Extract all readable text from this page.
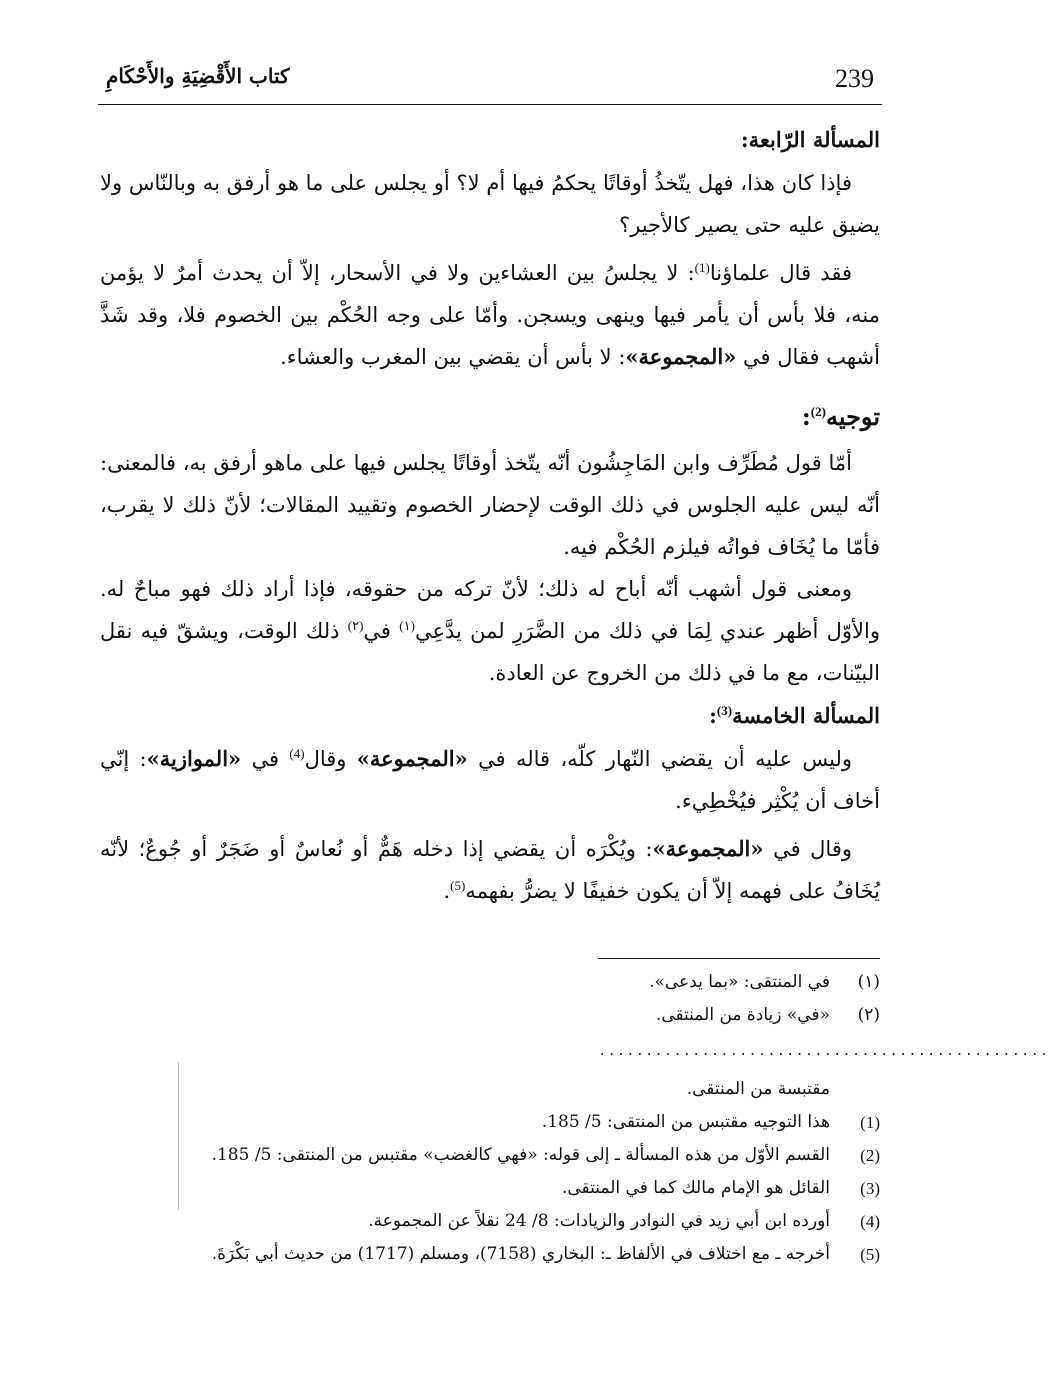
239
كتاب الأَقْضِيَةِ والأَحْكَامِ

المسألة الرّابعة:

فإذا كان هذا، فهل يتّخذُ أوقاتًا يحكمُ فيها أم لا؟ أو يجلس على ما هو أرفق به وبالنّاس ولا يضيق عليه حتى يصير كالأجير؟

فقد قال علماؤنا$^{(1)}$: لا يجلسُ بين العشاءين ولا في الأسحار، إلاّ أن يحدث أمرٌ لا يؤمن منه، فلا بأس أن يأمر فيها وينهى ويسجن. وأمّا على وجه الحُكْم بين الخصوم فلا، وقد شَذَّ أشهب فقال في «المجموعة»: لا بأس أن يقضي بين المغرب والعشاء.

توجيه$^{(2)}$:

أمّا قول مُطَرِّف وابن المَاجِشُون أنّه يتّخذ أوقاتًا يجلس فيها على ماهو أرفق به، فالمعنى: أنّه ليس عليه الجلوس في ذلك الوقت لإحضار الخصوم وتقييد المقالات؛ لأنّ ذلك لا يقرب، فأمّا ما يُخَاف فواتُه فيلزم الحُكْم فيه.

ومعنى قول أشهب أنّه أباح له ذلك؛ لأنّ تركه من حقوقه، فإذا أراد ذلك فهو مباحٌ له. والأوّل أظهر عندي لِمَا في ذلك من الضَّرَرِ لمن يدَّعِي$^{(١)}$ في$^{(٢)}$ ذلك الوقت، ويشقّ فيه نقل البيّنات، مع ما في ذلك من الخروج عن العادة.

المسألة الخامسة$^{(3)}$:

وليس عليه أن يقضي النّهار كلّه، قاله في «المجموعة» وقال$^{(4)}$ في «الموازية»: إنّي أخاف أن يُكْثِر فيُخْطِيء.

وقال في «المجموعة»: ويُكْرَه أن يقضي إذا دخله هَمٌّ أو نُعاسٌ أو ضَجَرٌ أو جُوعٌ؛ لأنّه يُخَافُ على فهمه إلاّ أن يكون خفيفًا لا يضرُّ بفهمه$^{(5)}$.

(١)
في المنتقى: «بما يدعى».
(٢)
«في» زيادة من المنتقى.
................................................
مقتبسة من المنتقى.
(1)
هذا التوجيه مقتبس من المنتقى: 5/ 185.
(2)
القسم الأوّل من هذه المسألة ـ إلى قوله: «فهي كالغضب» مقتبس من المنتقى: 5/ 185.
(3)
القائل هو الإمام مالك كما في المنتقى.
(4)
أورده ابن أبي زيد في النوادر والزيادات: 8/ 24 نقلاً عن المجموعة.
(5)
أخرجه ـ مع اختلاف في الألفاظ ـ: البخاري (7158)، ومسلم (1717) من حديث أبي بَكْرَةَ.
